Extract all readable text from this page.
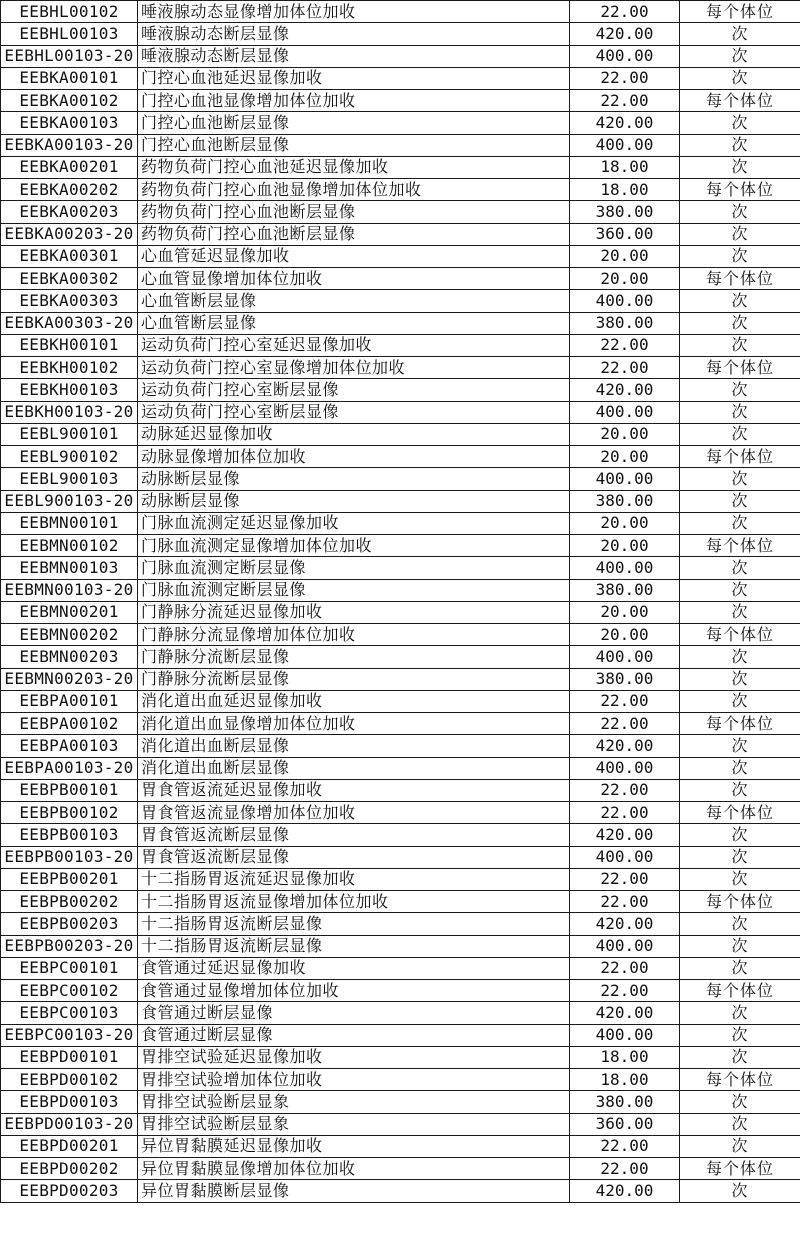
EEBHL00102	唾液腺动态显像增加体位加收	22.00	每个体位
EEBHL00103	唾液腺动态断层显像	420.00	次
EEBHL00103-20	唾液腺动态断层显像	400.00	次
EEBKA00101	门控心血池延迟显像加收	22.00	次
EEBKA00102	门控心血池显像增加体位加收	22.00	每个体位
EEBKA00103	门控心血池断层显像	420.00	次
EEBKA00103-20	门控心血池断层显像	400.00	次
EEBKA00201	药物负荷门控心血池延迟显像加收	18.00	次
EEBKA00202	药物负荷门控心血池显像增加体位加收	18.00	每个体位
EEBKA00203	药物负荷门控心血池断层显像	380.00	次
EEBKA00203-20	药物负荷门控心血池断层显像	360.00	次
EEBKA00301	心血管延迟显像加收	20.00	次
EEBKA00302	心血管显像增加体位加收	20.00	每个体位
EEBKA00303	心血管断层显像	400.00	次
EEBKA00303-20	心血管断层显像	380.00	次
EEBKH00101	运动负荷门控心室延迟显像加收	22.00	次
EEBKH00102	运动负荷门控心室显像增加体位加收	22.00	每个体位
EEBKH00103	运动负荷门控心室断层显像	420.00	次
EEBKH00103-20	运动负荷门控心室断层显像	400.00	次
EEBL900101	动脉延迟显像加收	20.00	次
EEBL900102	动脉显像增加体位加收	20.00	每个体位
EEBL900103	动脉断层显像	400.00	次
EEBL900103-20	动脉断层显像	380.00	次
EEBMN00101	门脉血流测定延迟显像加收	20.00	次
EEBMN00102	门脉血流测定显像增加体位加收	20.00	每个体位
EEBMN00103	门脉血流测定断层显像	400.00	次
EEBMN00103-20	门脉血流测定断层显像	380.00	次
EEBMN00201	门静脉分流延迟显像加收	20.00	次
EEBMN00202	门静脉分流显像增加体位加收	20.00	每个体位
EEBMN00203	门静脉分流断层显像	400.00	次
EEBMN00203-20	门静脉分流断层显像	380.00	次
EEBPA00101	消化道出血延迟显像加收	22.00	次
EEBPA00102	消化道出血显像增加体位加收	22.00	每个体位
EEBPA00103	消化道出血断层显像	420.00	次
EEBPA00103-20	消化道出血断层显像	400.00	次
EEBPB00101	胃食管返流延迟显像加收	22.00	次
EEBPB00102	胃食管返流显像增加体位加收	22.00	每个体位
EEBPB00103	胃食管返流断层显像	420.00	次
EEBPB00103-20	胃食管返流断层显像	400.00	次
EEBPB00201	十二指肠胃返流延迟显像加收	22.00	次
EEBPB00202	十二指肠胃返流显像增加体位加收	22.00	每个体位
EEBPB00203	十二指肠胃返流断层显像	420.00	次
EEBPB00203-20	十二指肠胃返流断层显像	400.00	次
EEBPC00101	食管通过延迟显像加收	22.00	次
EEBPC00102	食管通过显像增加体位加收	22.00	每个体位
EEBPC00103	食管通过断层显像	420.00	次
EEBPC00103-20	食管通过断层显像	400.00	次
EEBPD00101	胃排空试验延迟显像加收	18.00	次
EEBPD00102	胃排空试验增加体位加收	18.00	每个体位
EEBPD00103	胃排空试验断层显象	380.00	次
EEBPD00103-20	胃排空试验断层显象	360.00	次
EEBPD00201	异位胃黏膜延迟显像加收	22.00	次
EEBPD00202	异位胃黏膜显像增加体位加收	22.00	每个体位
EEBPD00203	异位胃黏膜断层显像	420.00	次
